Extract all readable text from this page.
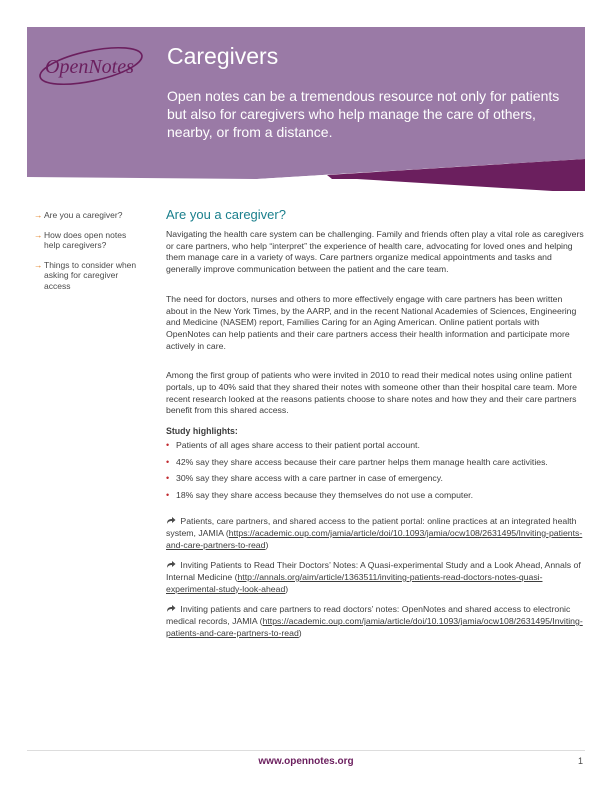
OpenNotes Caregivers
Open notes can be a tremendous resource not only for patients but also for caregivers who help manage the care of others, nearby, or from a distance.
→ Are you a caregiver?
→ How does open notes help caregivers?
→ Things to consider when asking for caregiver access
Are you a caregiver?

Navigating the health care system can be challenging. Family and friends often play a vital role as caregivers or care partners, who help “interpret” the experience of health care, advocating for loved ones and helping them manage care in a variety of ways. Care partners organize medical appointments and tasks and generally improve communication between the patient and the care team.

The need for doctors, nurses and others to more effectively engage with care partners has been written about in the New York Times, by the AARP, and in the recent National Academies of Sciences, Engineering and Medicine (NASEM) report, Families Caring for an Aging American. Online patient portals with OpenNotes can help patients and their care partners access their health information and participate more actively in care.

Among the first group of patients who were invited in 2010 to read their medical notes using online patient portals, up to 40% said that they shared their notes with someone other than their hospital care team. More recent research looked at the reasons patients choose to share notes and how they and their care partners benefit from this shared access.

Study highlights:
• Patients of all ages share access to their patient portal account.
• 42% say they share access because their care partner helps them manage health care activities.
• 30% say they share access with a care partner in case of emergency.
• 18% say they share access because they themselves do not use a computer.
Patients, care partners, and shared access to the patient portal: online practices at an integrated health system, JAMIA (https://academic.oup.com/jamia/article/doi/10.1093/jamia/ocw108/2631495/Inviting-patients-and-care-partners-to-read)
Inviting Patients to Read Their Doctors’ Notes: A Quasi-experimental Study and a Look Ahead, Annals of Internal Medicine (http://annals.org/aim/article/1363511/inviting-patients-read-doctors-notes-quasi-experimental-study-look-ahead)
Inviting patients and care partners to read doctors’ notes: OpenNotes and shared access to electronic medical records, JAMIA (https://academic.oup.com/jamia/article/doi/10.1093/jamia/ocw108/2631495/Inviting-patients-and-care-partners-to-read)
www.opennotes.org	1
